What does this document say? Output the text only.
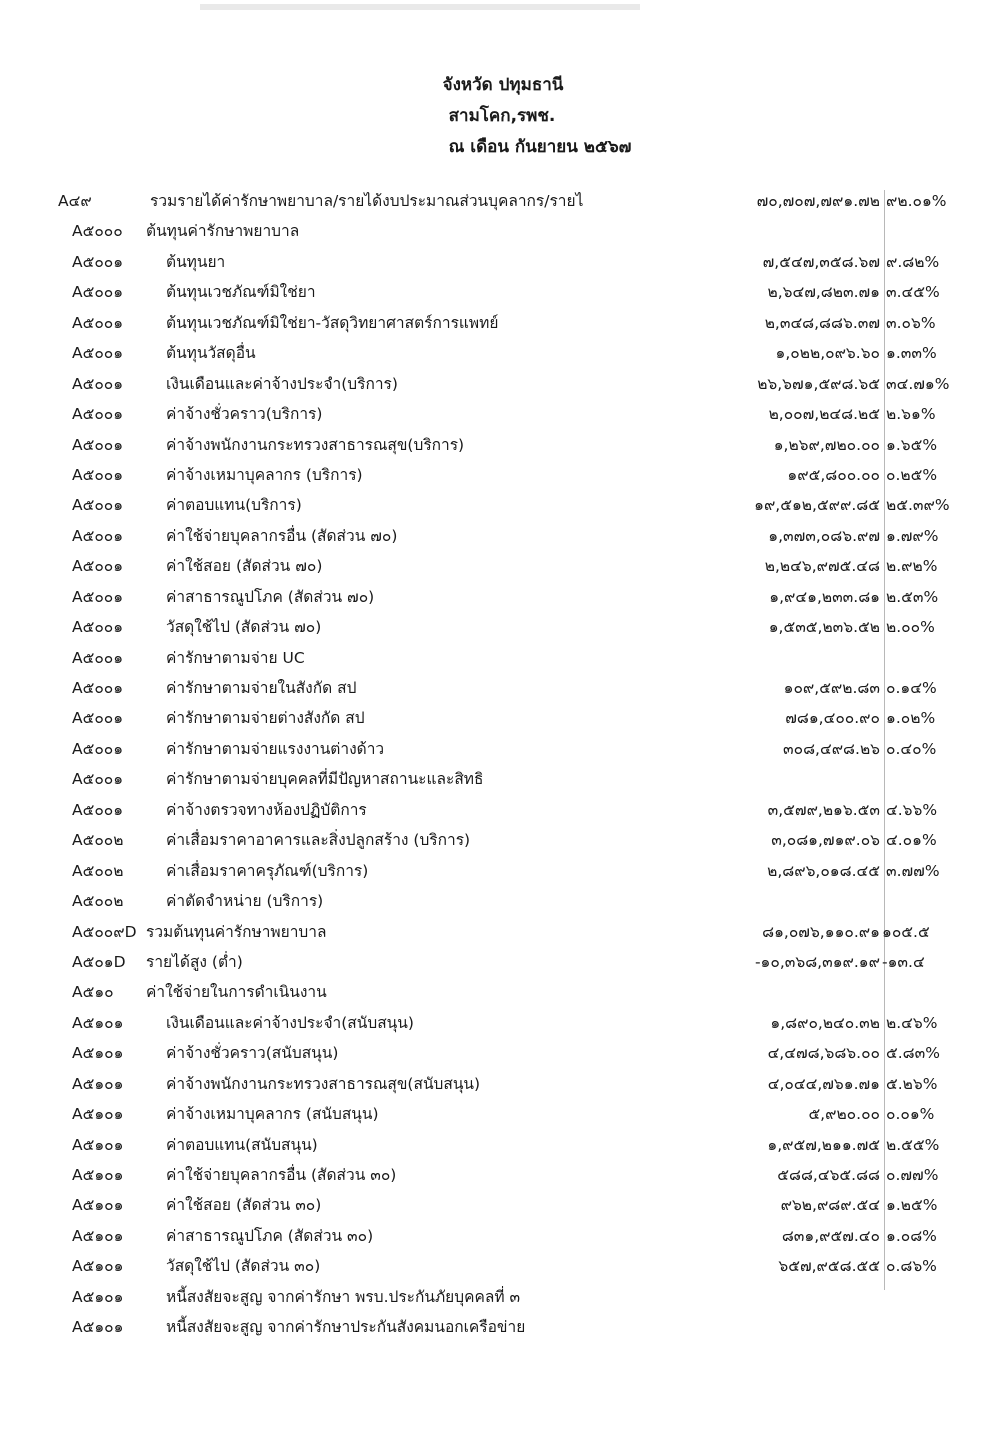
จังหวัด ปทุมธานี
สามโคก,รพช.
ณ เดือน กันยายน ๒๕๖๗
A๔๙	รวมรายได้ค่ารักษาพยาบาล/รายได้งบประมาณส่วนบุคลากร/รายไ	๗๐,๗๐๗,๗๙๑.๗๒ ๙๒.๐๑%
A๕๐๐๐ ต้นทุนค่ารักษาพยาบาล
A๕๐๐๑	ต้นทุนยา	๗,๕๔๗,๓๕๘.๖๗ ๙.๘๒%
A๕๐๐๑	ต้นทุนเวชภัณฑ์มิใช่ยา	๒,๖๔๗,๘๒๓.๗๑ ๓.๔๕%
A๕๐๐๑	ต้นทุนเวชภัณฑ์มิใช่ยา-วัสดุวิทยาศาสตร์การแพทย์	๒,๓๔๘,๘๘๖.๓๗ ๓.๐๖%
A๕๐๐๑	ต้นทุนวัสดุอื่น	๑,๐๒๒,๐๙๖.๖๐ ๑.๓๓%
A๕๐๐๑	เงินเดือนและค่าจ้างประจำ(บริการ)	๒๖,๖๗๑,๕๙๘.๖๕ ๓๔.๗๑%
A๕๐๐๑	ค่าจ้างชั่วคราว(บริการ)	๒,๐๐๗,๒๔๘.๒๕ ๒.๖๑%
A๕๐๐๑	ค่าจ้างพนักงานกระทรวงสาธารณสุข(บริการ)	๑,๒๖๙,๗๒๐.๐๐ ๑.๖๕%
A๕๐๐๑	ค่าจ้างเหมาบุคลากร (บริการ)	๑๙๕,๘๐๐.๐๐ ๐.๒๕%
A๕๐๐๑	ค่าตอบแทน(บริการ)	๑๙,๕๑๒,๕๙๙.๘๕ ๒๕.๓๙%
A๕๐๐๑	ค่าใช้จ่ายบุคลากรอื่น (สัดส่วน ๗๐)	๑,๓๗๓,๐๘๖.๙๗ ๑.๗๙%
A๕๐๐๑	ค่าใช้สอย (สัดส่วน ๗๐)	๒,๒๔๖,๙๗๕.๔๘ ๒.๙๒%
A๕๐๐๑	ค่าสาธารณูปโภค (สัดส่วน ๗๐)	๑,๙๔๑,๒๓๓.๘๑ ๒.๕๓%
A๕๐๐๑	วัสดุใช้ไป (สัดส่วน ๗๐)	๑,๕๓๕,๒๓๖.๕๒ ๒.๐๐%
A๕๐๐๑	ค่ารักษาตามจ่าย UC
A๕๐๐๑	ค่ารักษาตามจ่ายในสังกัด สป	๑๐๙,๕๙๒.๘๓ ๐.๑๔%
A๕๐๐๑	ค่ารักษาตามจ่ายต่างสังกัด สป	๗๘๑,๔๐๐.๙๐ ๑.๐๒%
A๕๐๐๑	ค่ารักษาตามจ่ายแรงงานต่างด้าว	๓๐๘,๔๙๘.๒๖ ๐.๔๐%
A๕๐๐๑	ค่ารักษาตามจ่ายบุคคลที่มีปัญหาสถานะและสิทธิ
A๕๐๐๑	ค่าจ้างตรวจทางห้องปฏิบัติการ	๓,๕๗๙,๒๑๖.๕๓ ๔.๖๖%
A๕๐๐๒	ค่าเสื่อมราคาอาคารและสิ่งปลูกสร้าง (บริการ)	๓,๐๘๑,๗๑๙.๐๖ ๔.๐๑%
A๕๐๐๒	ค่าเสื่อมราคาครุภัณฑ์(บริการ)	๒,๘๙๖,๐๑๘.๔๕ ๓.๗๗%
A๕๐๐๒	ค่าตัดจำหน่าย (บริการ)
A๕๐๐๙D รวมต้นทุนค่ารักษาพยาบาล	๘๑,๐๗๖,๑๑๐.๙๑ ๑๐๕.๕
A๕๐๑D รายได้สูง (ต่ำ)	-๑๐,๓๖๘,๓๑๙.๑๙ -๑๓.๔
A๕๑๐ ค่าใช้จ่ายในการดำเนินงาน
A๕๑๐๑	เงินเดือนและค่าจ้างประจำ(สนับสนุน)	๑,๘๙๐,๒๔๐.๓๒ ๒.๔๖%
A๕๑๐๑	ค่าจ้างชั่วคราว(สนับสนุน)	๔,๔๗๘,๖๘๖.๐๐ ๕.๘๓%
A๕๑๐๑	ค่าจ้างพนักงานกระทรวงสาธารณสุข(สนับสนุน)	๔,๐๔๔,๗๖๑.๗๑ ๕.๒๖%
A๕๑๐๑	ค่าจ้างเหมาบุคลากร (สนับสนุน)	๕,๙๒๐.๐๐ ๐.๐๑%
A๕๑๐๑	ค่าตอบแทน(สนับสนุน)	๑,๙๕๗,๒๑๑.๗๕ ๒.๕๕%
A๕๑๐๑	ค่าใช้จ่ายบุคลากรอื่น (สัดส่วน ๓๐)	๕๘๘,๔๖๕.๘๘ ๐.๗๗%
A๕๑๐๑	ค่าใช้สอย (สัดส่วน ๓๐)	๙๖๒,๙๘๙.๕๔ ๑.๒๕%
A๕๑๐๑	ค่าสาธารณูปโภค (สัดส่วน ๓๐)	๘๓๑,๙๕๗.๔๐ ๑.๐๘%
A๕๑๐๑	วัสดุใช้ไป (สัดส่วน ๓๐)	๖๕๗,๙๕๘.๕๕ ๐.๘๖%
A๕๑๐๑	หนี้สงสัยจะสูญ จากค่ารักษา พรบ.ประกันภัยบุคคลที่ ๓
A๕๑๐๑	หนี้สงสัยจะสูญ จากค่ารักษาประกันสังคมนอกเครือข่าย
